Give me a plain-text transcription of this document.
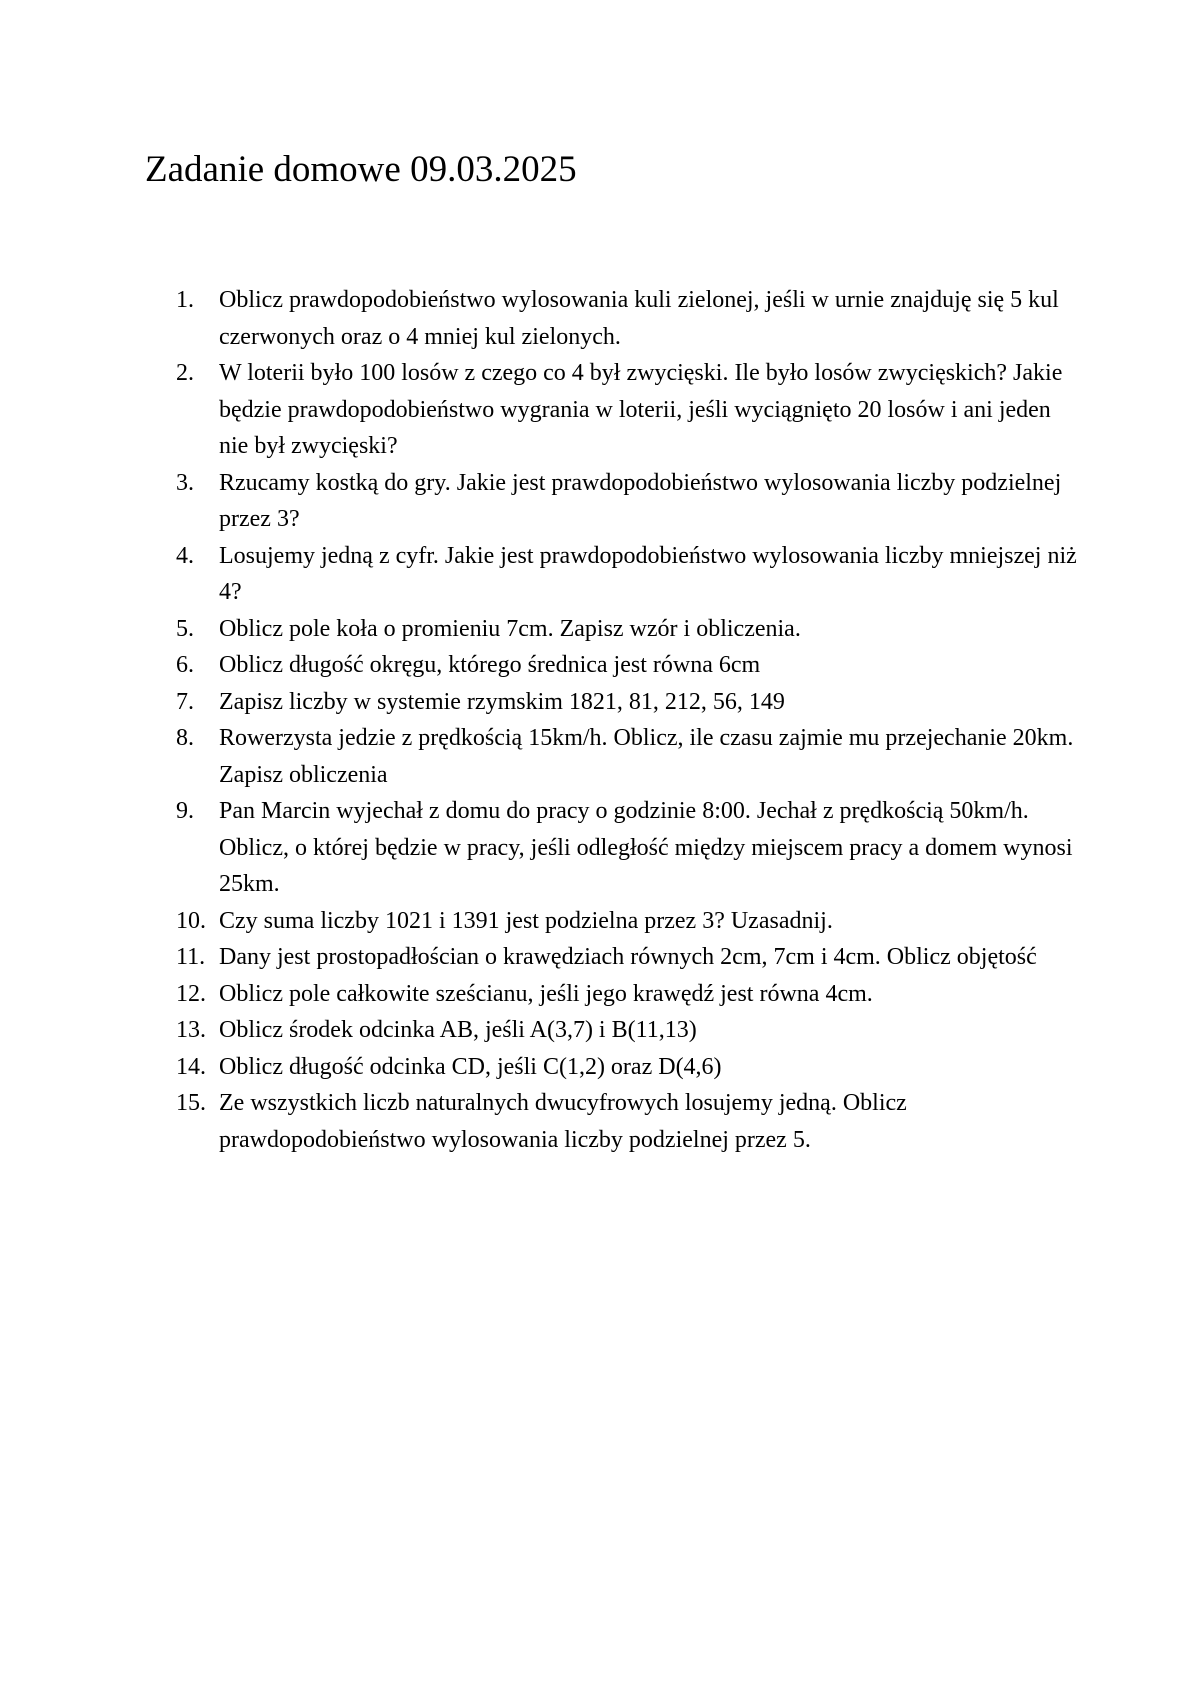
Zadanie domowe 09.03.2025
1. Oblicz prawdopodobieństwo wylosowania kuli zielonej, jeśli w urnie znajduję się 5 kul czerwonych oraz o 4 mniej kul zielonych.
2. W loterii było 100 losów z czego co 4 był zwycięski. Ile było losów zwycięskich? Jakie będzie prawdopodobieństwo wygrania w loterii, jeśli wyciągnięto 20 losów i ani jeden nie był zwycięski?
3. Rzucamy kostką do gry. Jakie jest prawdopodobieństwo wylosowania liczby podzielnej przez 3?
4. Losujemy jedną z cyfr. Jakie jest prawdopodobieństwo wylosowania liczby mniejszej niż 4?
5. Oblicz pole koła o promieniu 7cm. Zapisz wzór i obliczenia.
6. Oblicz długość okręgu, którego średnica jest równa 6cm
7. Zapisz liczby w systemie rzymskim 1821, 81, 212, 56, 149
8. Rowerzysta jedzie z prędkością 15km/h. Oblicz, ile czasu zajmie mu przejechanie 20km. Zapisz obliczenia
9. Pan Marcin wyjechał z domu do pracy o godzinie 8:00. Jechał z prędkością 50km/h. Oblicz, o której będzie w pracy, jeśli odległość między miejscem pracy a domem wynosi 25km.
10. Czy suma liczby 1021 i 1391 jest podzielna przez 3? Uzasadnij.
11. Dany jest prostopadłościan o krawędziach równych 2cm, 7cm i 4cm. Oblicz objętość
12. Oblicz pole całkowite sześcianu, jeśli jego krawędź jest równa 4cm.
13. Oblicz środek odcinka AB, jeśli A(3,7) i B(11,13)
14. Oblicz długość odcinka CD, jeśli C(1,2) oraz D(4,6)
15. Ze wszystkich liczb naturalnych dwucyfrowych losujemy jedną. Oblicz prawdopodobieństwo wylosowania liczby podzielnej przez 5.
